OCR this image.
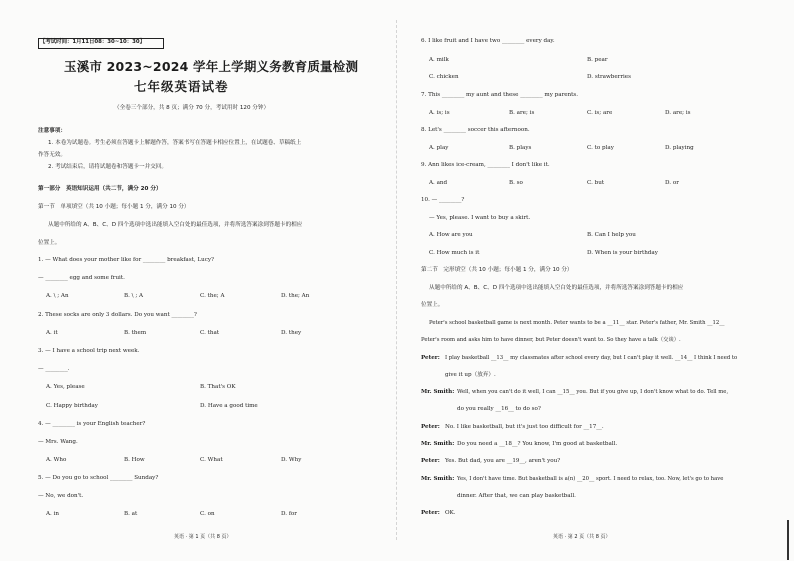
【考试时间：1月11日08：30~10：30】
玉溪市 2023~2024 学年上学期义务教育质量检测
七年级英语试卷
（全卷三个部分，共 8 页；满分 70 分，考试用时 120 分钟）
注意事项：
1. 本卷为试题卷。考生必须在答题卡上解题作答，答案书写在答题卡相应位置上，在试题卷、草稿纸上
作答无效。
2. 考试结束后，请将试题卷和答题卡一并交回。
第一部分　英语知识运用（共二节，满分 20 分）
第一节　单项填空（共 10 小题；每小题 1 分，满分 10 分）
从题中所给的 A、B、C、D 四个选项中选出能填入空白处的最佳选项，并将所选答案涂到答题卡的相应
位置上。
1. — What does your mother like for ________ breakfast, Lucy?
— ________ egg and some fruit.
A. \ ; An	B. \ ; A	C. the; A	D. the; An
2. These socks are only 3 dollars. Do you want ________?
A. it	B. them	C. that	D. they
3. — I have a school trip next week.
— ________.
A. Yes, please	B. That's OK
C. Happy birthday	D. Have a good time
4. — ________ is your English teacher?
— Mrs. Wang.
A. Who	B. How	C. What	D. Why
5. — Do you go to school ________ Sunday?
— No, we don't.
A. in	B. at	C. on	D. for
英语 · 第 1 页（共 8 页）
6. I like fruit and I have two ________ every day.
A. milk	B. pear
C. chicken	D. strawberries
7. This ________ my aunt and these ________ my parents.
A. is; is	B. are; is	C. is; are	D. are; is
8. Let's ________ soccer this afternoon.
A. play	B. plays	C. to play	D. playing
9. Ann likes ice-cream, ________ I don't like it.
A. and	B. so	C. but	D. or
10. — ________?
— Yes, please. I want to buy a skirt.
A. How are you	B. Can I help you
C. How much is it	D. When is your birthday
第二节　完形填空（共 10 小题；每小题 1 分，满分 10 分）
从题中所给的 A、B、C、D 四个选项中选出能填入空白处的最佳选项，并将所选答案涂到答题卡的相应
位置上。
Peter's school basketball game is next month. Peter wants to be a __11__ star. Peter's father, Mr. Smith __12__
Peter's room and asks him to have dinner, but Peter doesn't want to. So they have a talk（交谈）.
Peter: I play basketball __13__ my classmates after school every day, but I can't play it well. __14__ I think I need to
give it up（放弃）.
Mr. Smith: Well, when you can't do it well, I can __15__ you. But if you give up, I don't know what to do. Tell me,
do you really __16__ to do so?
Peter: No. I like basketball, but it's just too difficult for __17__.
Mr. Smith: Do you need a __18__? You know, I'm good at basketball.
Peter: Yes. But dad, you are __19__, aren't you?
Mr. Smith: Yes, I don't have time. But basketball is a(n) __20__ sport. I need to relax, too. Now, let's go to have
dinner. After that, we can play basketball.
Peter: OK.
英语 · 第 2 页（共 8 页）
